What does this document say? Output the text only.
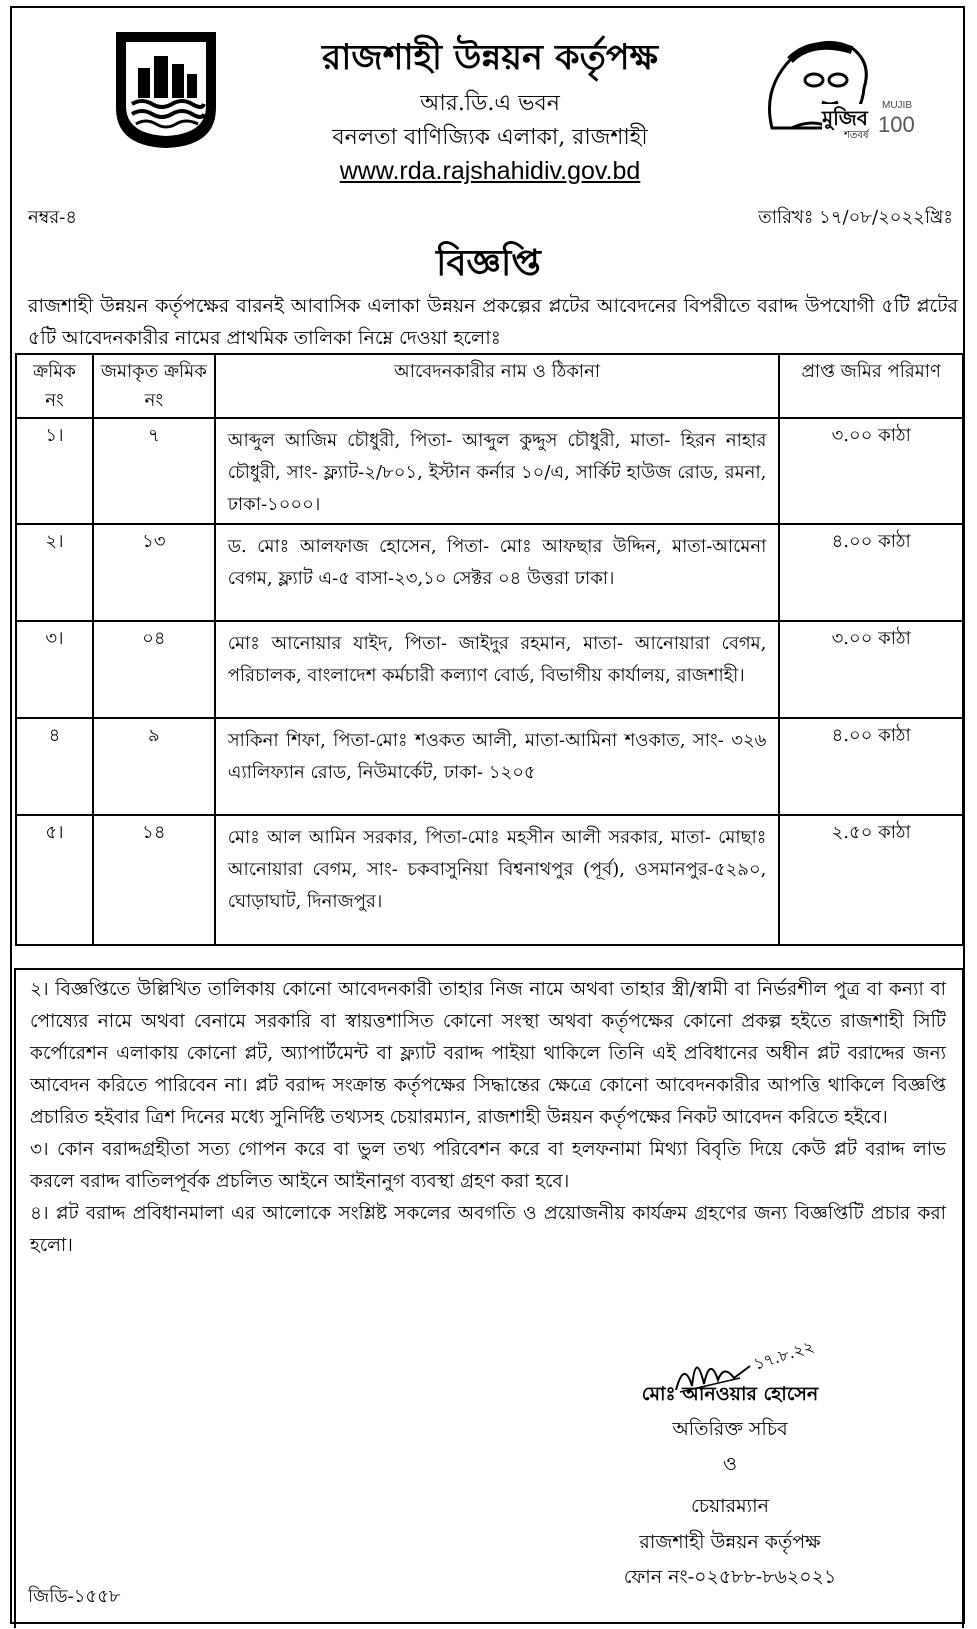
মুজিব
শতবর্ষ
MUJIB
100
রাজশাহী উন্নয়ন কর্তৃপক্ষ
আর.ডি.এ ভবন
বনলতা বাণিজ্যিক এলাকা, রাজশাহী
www.rda.rajshahidiv.gov.bd
নম্বর-৪	তারিখঃ ১৭/০৮/২০২২খ্রিঃ
বিজ্ঞপ্তি
রাজশাহী উন্নয়ন কর্তৃপক্ষের বারনই আবাসিক এলাকা উন্নয়ন প্রকল্পের প্লটের আবেদনের বিপরীতে বরাদ্দ উপযোগী ৫টি প্লটের ৫টি আবেদনকারীর নামের প্রাথমিক তালিকা নিম্নে দেওয়া হলোঃ
ক্রমিক নং	জমাকৃত ক্রমিক নং	আবেদনকারীর নাম ও ঠিকানা	প্রাপ্ত জমির পরিমাণ
১।	৭	আব্দুল আজিম চৌধুরী, পিতা- আব্দুল কুদ্দুস চৌধুরী, মাতা- হিরন নাহার চৌধুরী, সাং- ফ্ল্যাট-২/৮০১, ইস্টান কর্নার ১০/এ, সার্কিট হাউজ রোড, রমনা, ঢাকা-১০০০।	৩.০০ কাঠা
২।	১৩	ড. মোঃ আলফাজ হোসেন, পিতা- মোঃ আফছার উদ্দিন, মাতা-আমেনা বেগম, ফ্ল্যাট এ-৫ বাসা-২৩,১০ সেক্টর ০৪ উত্তরা ঢাকা।	৪.০০ কাঠা
৩।	০৪	মোঃ আনোয়ার যাইদ, পিতা- জাইদুর রহমান, মাতা- আনোয়ারা বেগম, পরিচালক, বাংলাদেশ কর্মচারী কল্যাণ বোর্ড, বিভাগীয় কার্যালয়, রাজশাহী।	৩.০০ কাঠা
৪	৯	সাকিনা শিফা, পিতা-মোঃ শওকত আলী, মাতা-আমিনা শওকাত, সাং- ৩২৬ এ্যালিফ্যান রোড, নিউমার্কেট, ঢাকা- ১২০৫	৪.০০ কাঠা
৫।	১৪	মোঃ আল আমিন সরকার, পিতা-মোঃ মহসীন আলী সরকার, মাতা- মোছাঃ আনোয়ারা বেগম, সাং- চকবাসুনিয়া বিশ্বনাথপুর (পূর্ব), ওসমানপুর-৫২৯০, ঘোড়াঘাট, দিনাজপুর।	২.৫০ কাঠা

২। বিজ্ঞপ্তিতে উল্লিখিত তালিকায় কোনো আবেদনকারী তাহার নিজ নামে অথবা তাহার স্ত্রী/স্বামী বা নির্ভরশীল পুত্র বা কন্যা বা পোষ্যের নামে অথবা বেনামে সরকারি বা স্বায়ত্তশাসিত কোনো সংস্থা অথবা কর্তৃপক্ষের কোনো প্রকল্প হইতে রাজশাহী সিটি কর্পোরেশন এলাকায় কোনো প্লট, অ্যাপার্টমেন্ট বা ফ্ল্যাট বরাদ্দ পাইয়া থাকিলে তিনি এই প্রবিধানের অধীন প্লট বরাদ্দের জন্য আবেদন করিতে পারিবেন না। প্লট বরাদ্দ সংক্রান্ত কর্তৃপক্ষের সিদ্ধান্তের ক্ষেত্রে কোনো আবেদনকারীর আপত্তি থাকিলে বিজ্ঞপ্তি প্রচারিত হইবার ত্রিশ দিনের মধ্যে সুনির্দিষ্ট তথ্যসহ চেয়ারম্যান, রাজশাহী উন্নয়ন কর্তৃপক্ষের নিকট আবেদন করিতে হইবে।

৩। কোন বরাদ্দগ্রহীতা সত্য গোপন করে বা ভুল তথ্য পরিবেশন করে বা হলফনামা মিথ্যা বিবৃতি দিয়ে কেউ প্লট বরাদ্দ লাভ করলে বরাদ্দ বাতিলপূর্বক প্রচলিত আইনে আইনানুগ ব্যবস্থা গ্রহণ করা হবে।

৪। প্লট বরাদ্দ প্রবিধানমালা এর আলোকে সংশ্লিষ্ট সকলের অবগতি ও প্রয়োজনীয় কার্যক্রম গ্রহণের জন্য বিজ্ঞপ্তিটি প্রচার করা হলো।

১৭.৮.২২
মোঃ আনওয়ার হোসেন
অতিরিক্ত সচিব
ও
চেয়ারম্যান
রাজশাহী উন্নয়ন কর্তৃপক্ষ
ফোন নং-০২৫৮৮-৮৬২০২১
জিডি-১৫৫৮
